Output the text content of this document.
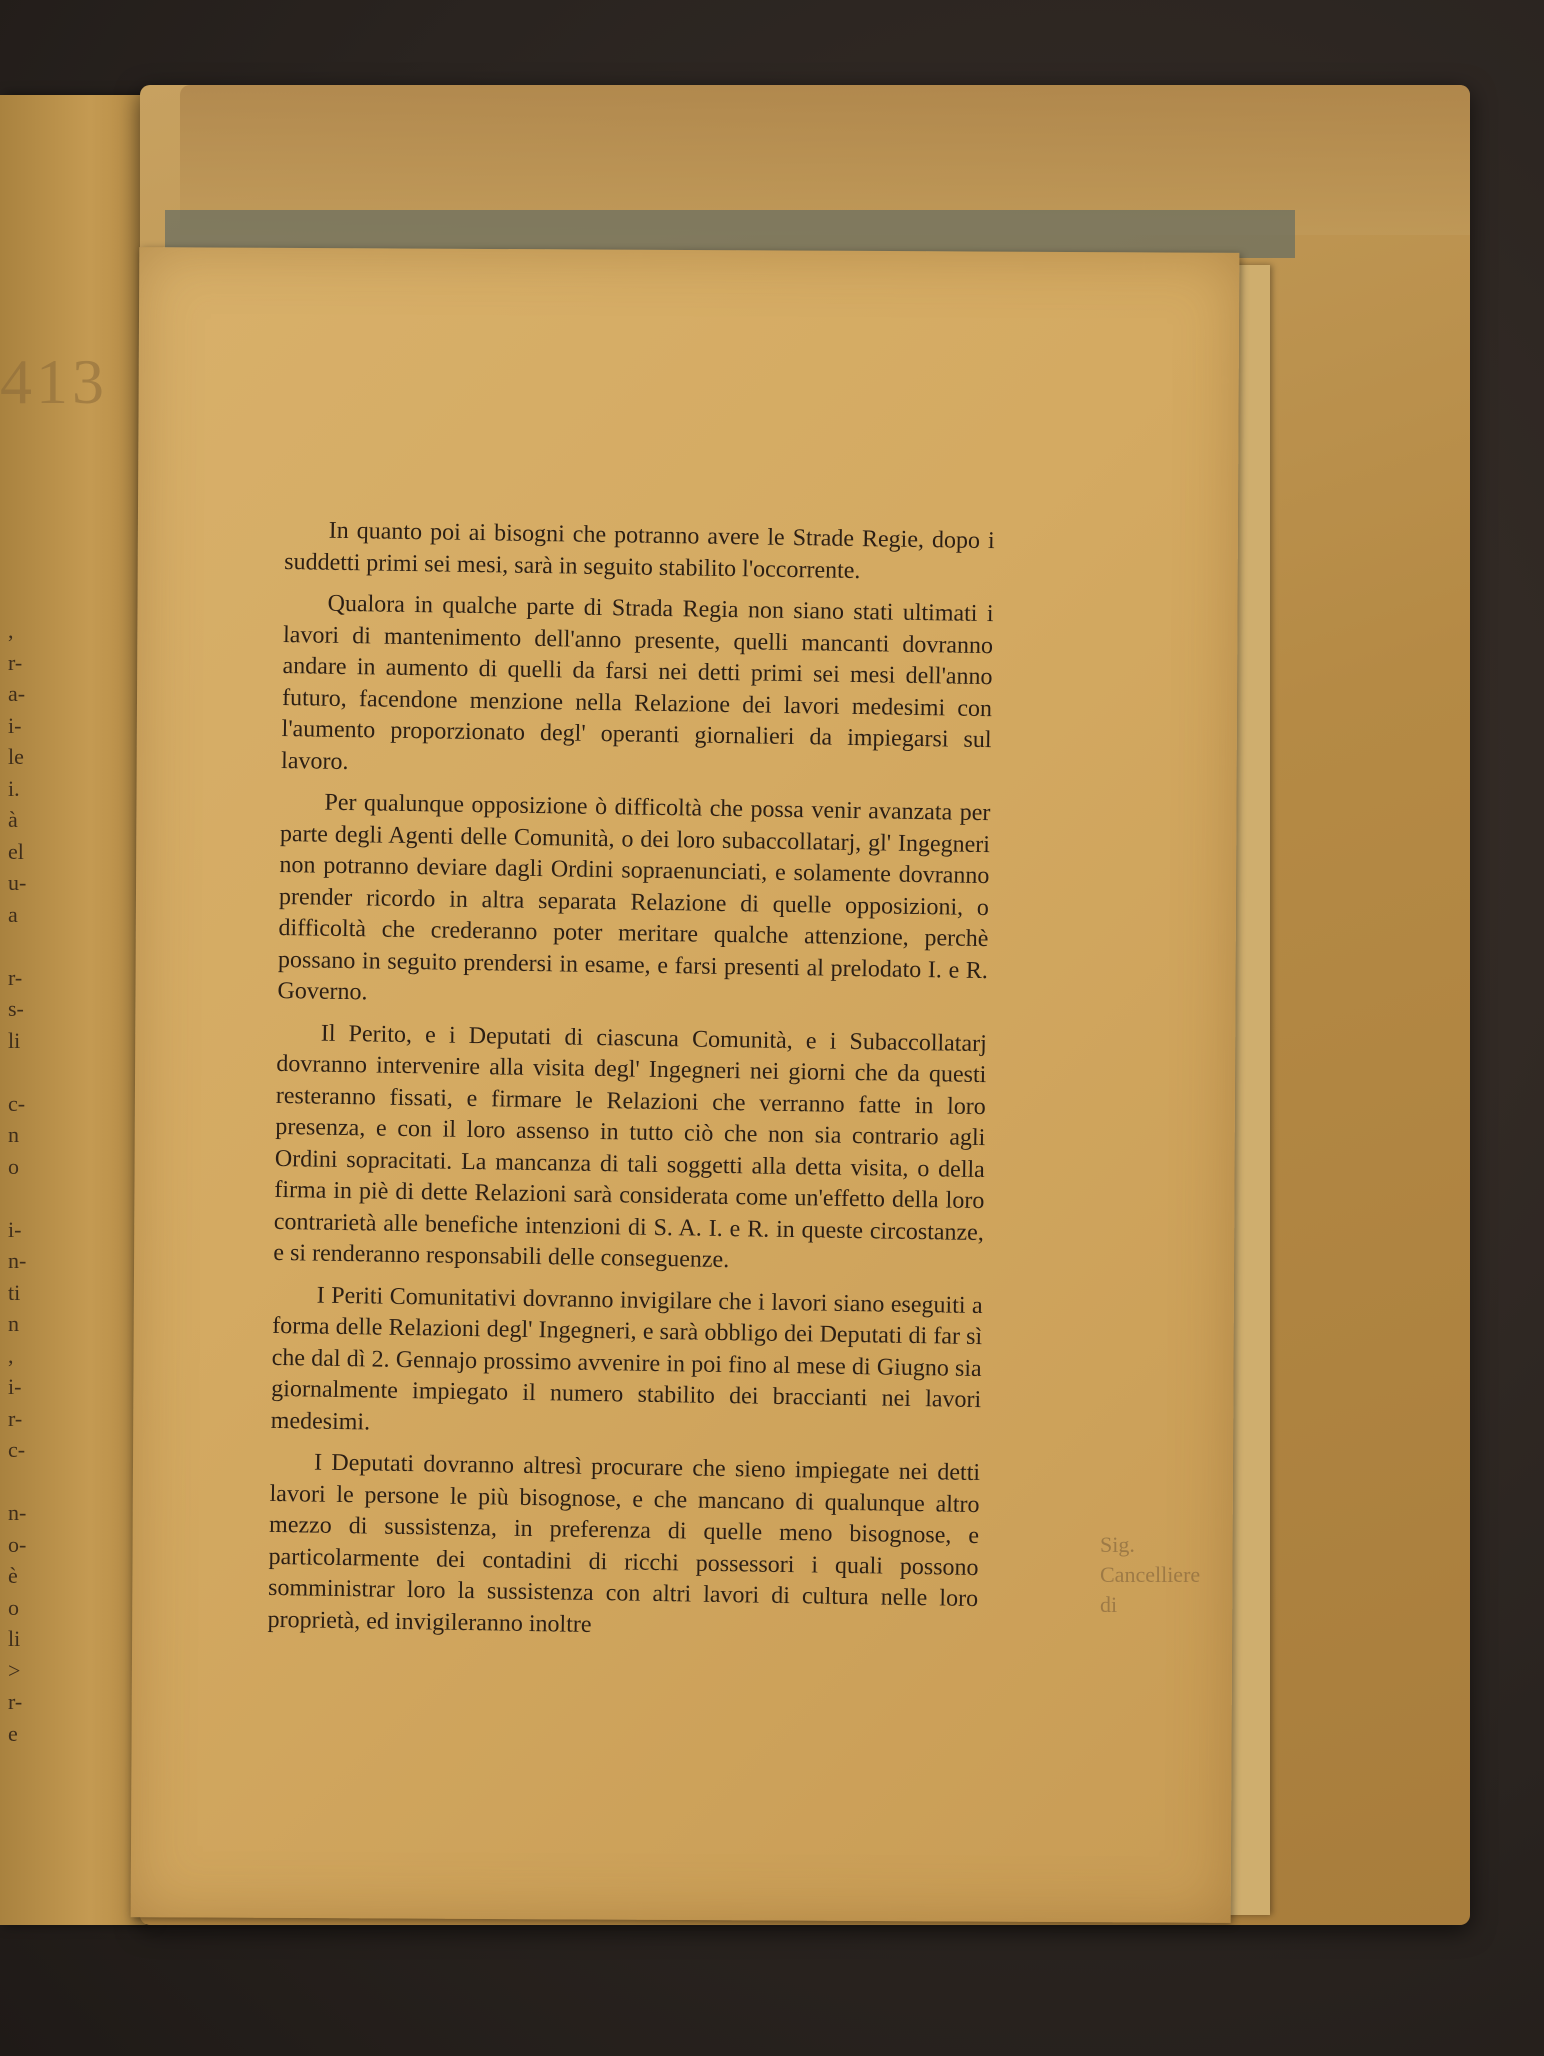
413
,
r-
a-
i-
le
i.
à
el
u-
a
r-
s-
li
c-
n
o
i-
n-
ti
n
,
i-
r-
c-
n-
o-
è
o
li
>
r-
e

In quanto poi ai bisogni che potranno avere le Strade Regie, dopo i suddetti primi sei mesi, sarà in seguito stabilito l'occorrente.

Qualora in qualche parte di Strada Regia non siano stati ultimati i lavori di mantenimento dell'anno presente, quelli mancanti dovranno andare in aumento di quelli da farsi nei detti primi sei mesi dell'anno futuro, facendone menzione nella Relazione dei lavori medesimi con l'aumento proporzionato degl' operanti giornalieri da impiegarsi sul lavoro.

Per qualunque opposizione ò difficoltà che possa venir avanzata per parte degli Agenti delle Comunità, o dei loro subaccollatarj, gl' Ingegneri non potranno deviare dagli Ordini sopraenunciati, e solamente dovranno prender ricordo in altra separata Relazione di quelle opposizioni, o difficoltà che crederanno poter meritare qualche attenzione, perchè possano in seguito prendersi in esame, e farsi presenti al prelodato I. e R. Governo.

Il Perito, e i Deputati di ciascuna Comunità, e i Subaccollatarj dovranno intervenire alla visita degl' Ingegneri nei giorni che da questi resteranno fissati, e firmare le Relazioni che verranno fatte in loro presenza, e con il loro assenso in tutto ciò che non sia contrario agli Ordini sopracitati. La mancanza di tali soggetti alla detta visita, o della firma in piè di dette Relazioni sarà considerata come un'effetto della loro contrarietà alle benefiche intenzioni di S. A. I. e R. in queste circostanze, e si renderanno responsabili delle conseguenze.

I Periti Comunitativi dovranno invigilare che i lavori siano eseguiti a forma delle Relazioni degl' Ingegneri, e sarà obbligo dei Deputati di far sì che dal dì 2. Gennajo prossimo avvenire in poi fino al mese di Giugno sia giornalmente impiegato il numero stabilito dei braccianti nei lavori medesimi.

I Deputati dovranno altresì procurare che sieno impiegate nei detti lavori le persone le più bisognose, e che mancano di qualunque altro mezzo di sussistenza, in preferenza di quelle meno bisognose, e particolarmente dei contadini di ricchi possessori i quali possono somministrar loro la sussistenza con altri lavori di cultura nelle loro proprietà, ed invigileranno inoltre

Sig. Cancelliere
di
